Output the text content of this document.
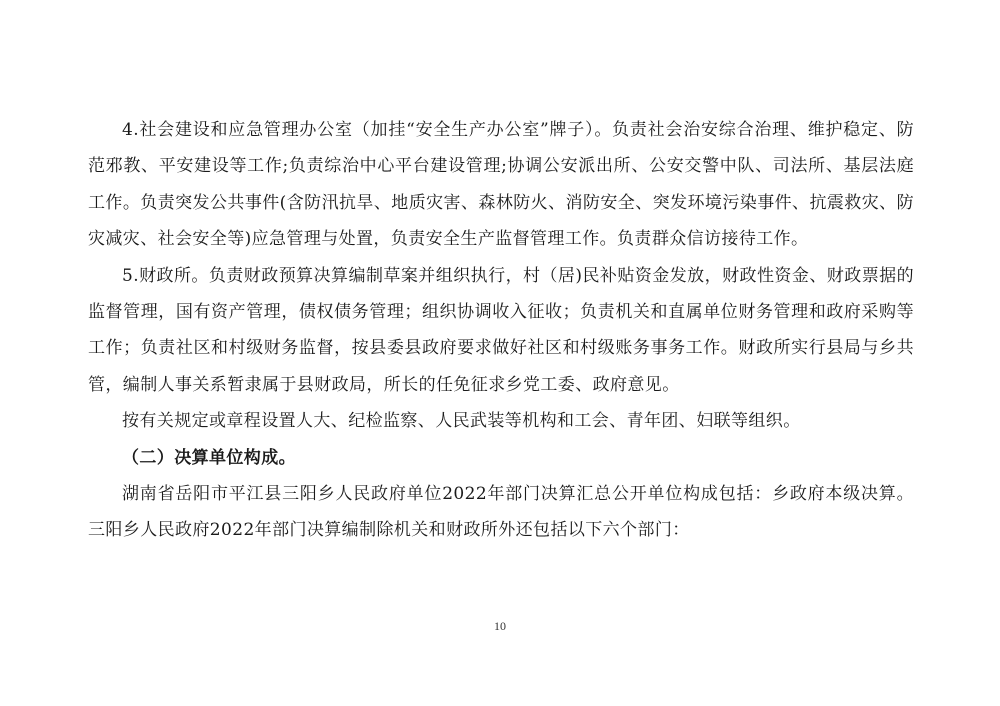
4.社会建设和应急管理办公室（加挂“安全生产办公室”牌子）。负责社会治安综合治理、维护稳定、防范邪教、平安建设等工作;负责综治中心平台建设管理;协调公安派出所、公安交警中队、司法所、基层法庭工作。负责突发公共事件(含防汛抗旱、地质灾害、森林防火、消防安全、突发环境污染事件、抗震救灾、防灾减灾、社会安全等)应急管理与处置，负责安全生产监督管理工作。负责群众信访接待工作。

5.财政所。负责财政预算决算编制草案并组织执行，村（居)民补贴资金发放，财政性资金、财政票据的监督管理，国有资产管理，债权债务管理；组织协调收入征收；负责机关和直属单位财务管理和政府采购等工作；负责社区和村级财务监督，按县委县政府要求做好社区和村级账务事务工作。财政所实行县局与乡共管，编制人事关系暂隶属于县财政局，所长的任免征求乡党工委、政府意见。

按有关规定或章程设置人大、纪检监察、人民武装等机构和工会、青年团、妇联等组织。

（二）决算单位构成。

湖南省岳阳市平江县三阳乡人民政府单位2022年部门决算汇总公开单位构成包括：乡政府本级决算。三阳乡人民政府2022年部门决算编制除机关和财政所外还包括以下六个部门：

10
